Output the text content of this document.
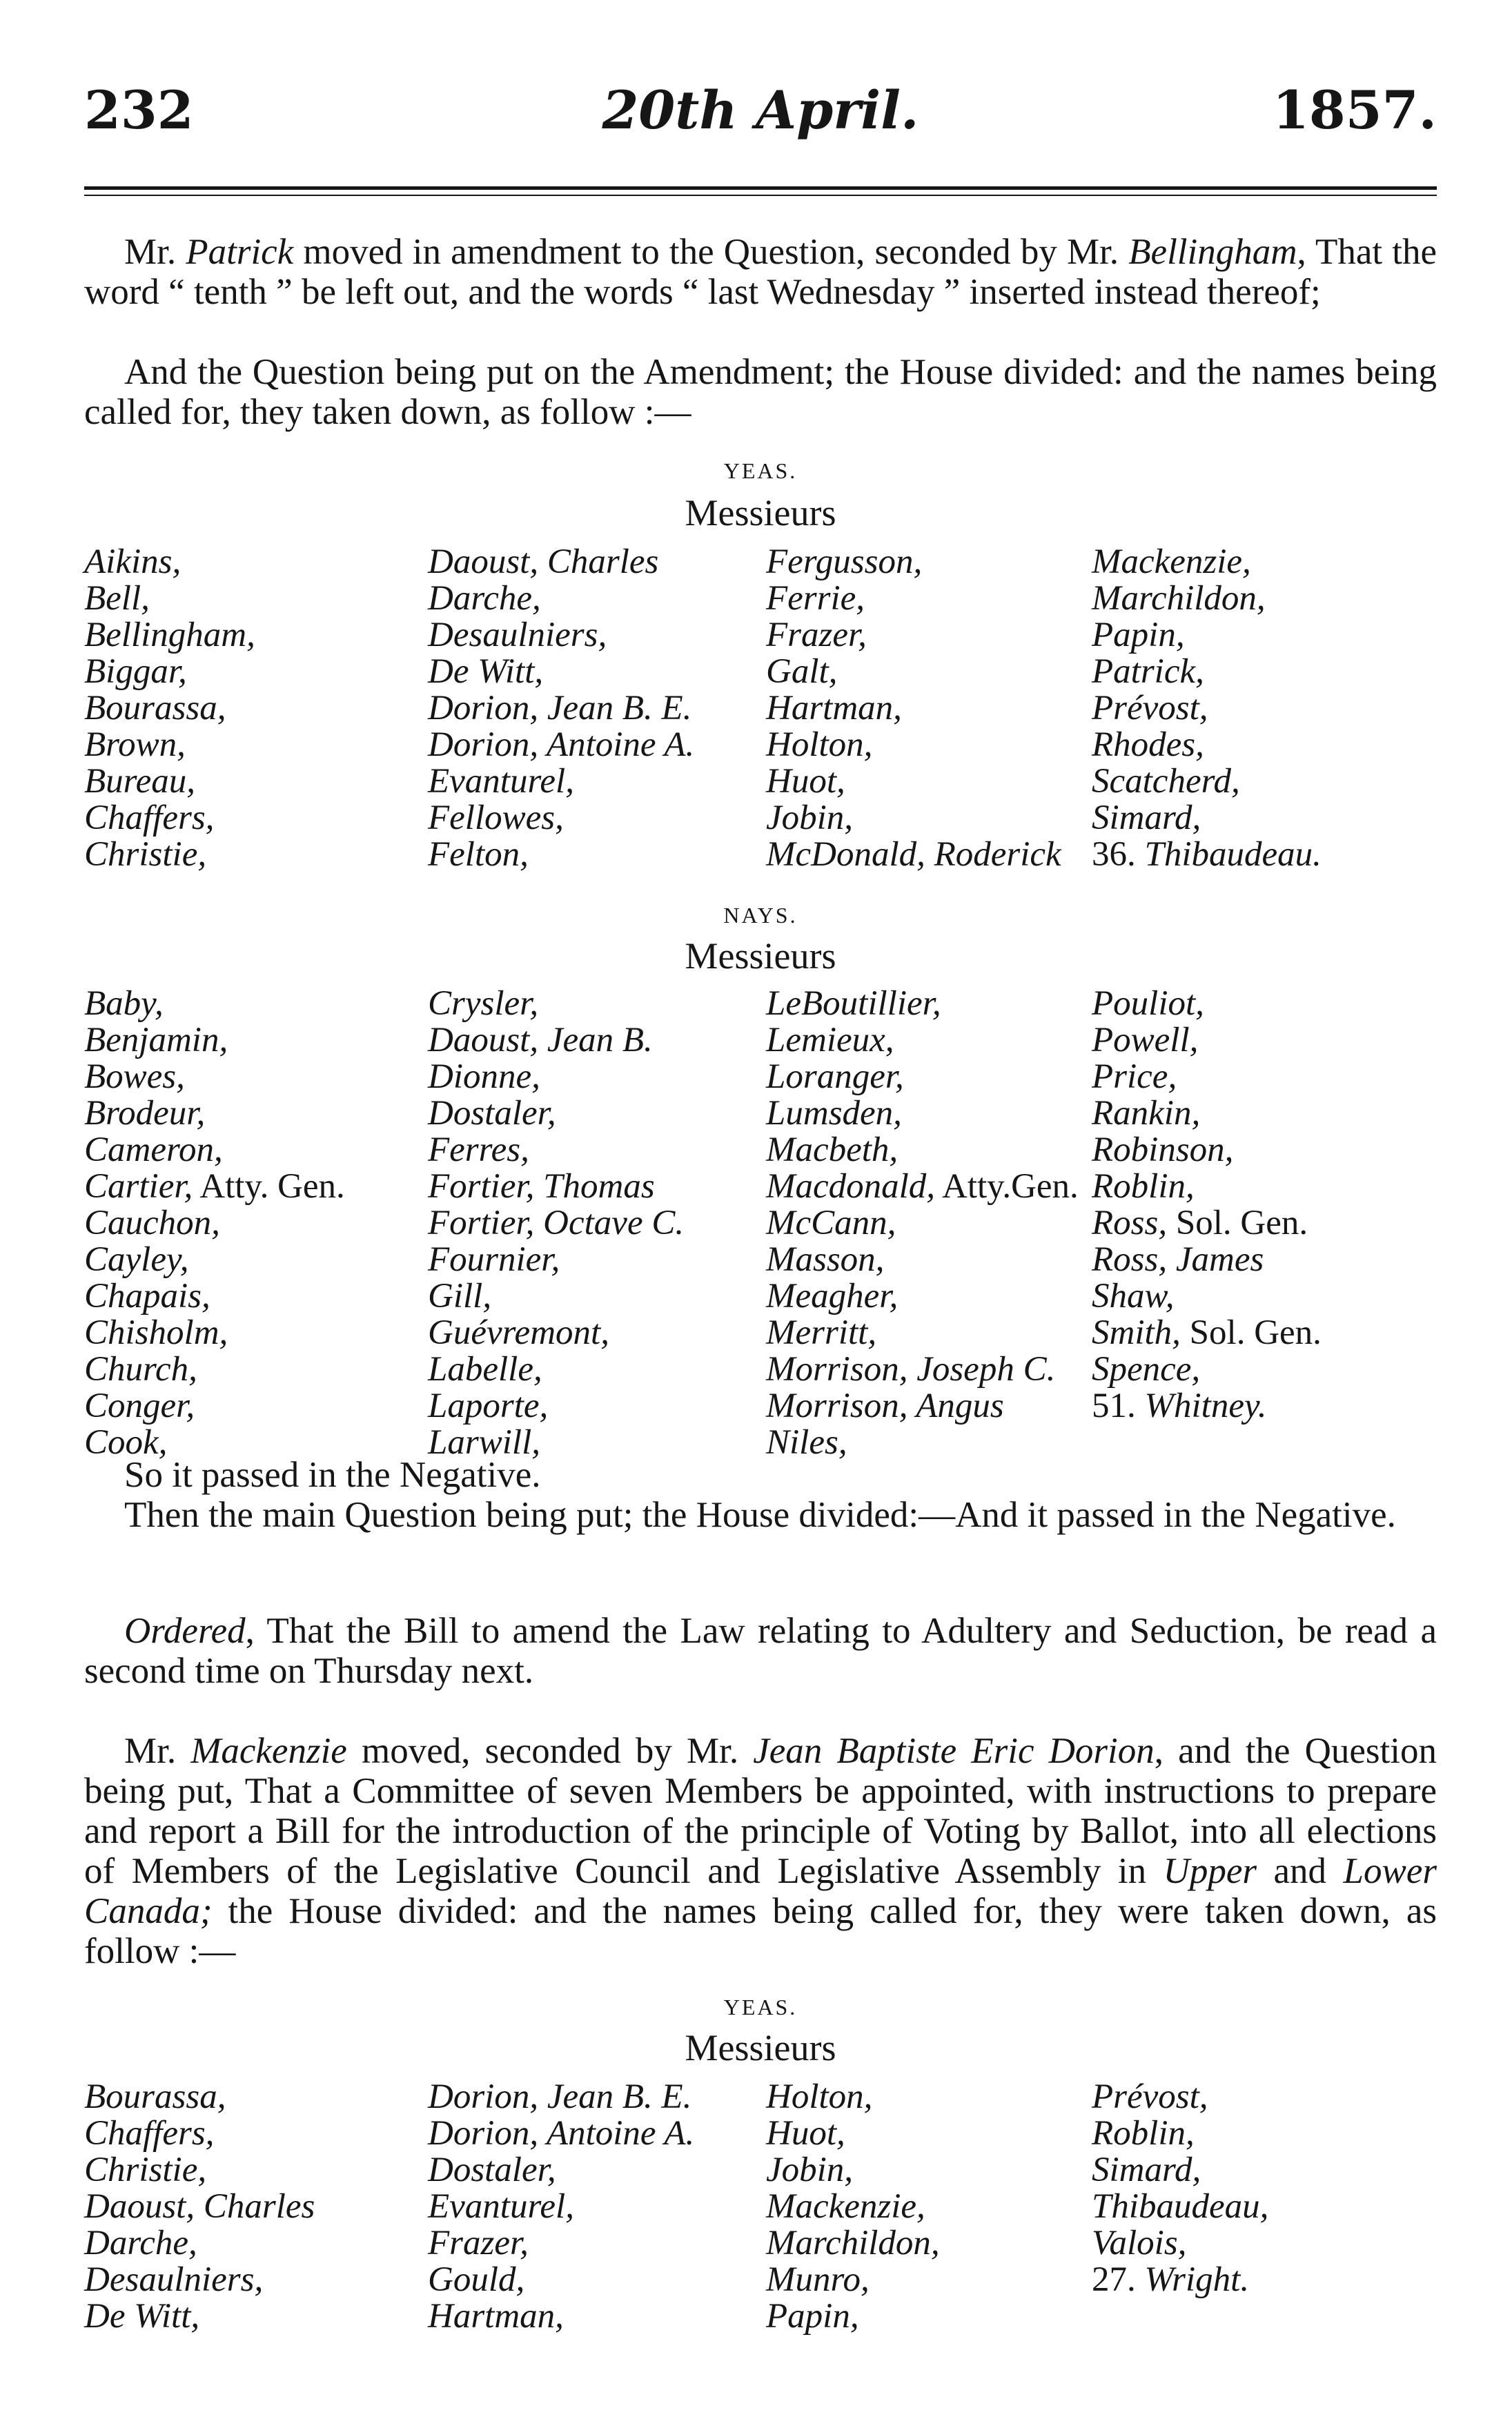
232	20th April.	1857.

Mr. Patrick moved in amendment to the Question, seconded by Mr. Bellingham, That the word “ tenth ” be left out, and the words “ last Wednesday ” inserted instead thereof;

And the Question being put on the Amendment; the House divided: and the names being called for, they taken down, as follow :—

YEAS.
Messieurs
Aikins,
Bell,
Bellingham,
Biggar,
Bourassa,
Brown,
Bureau,
Chaffers,
Christie,
Daoust, Charles
Darche,
Desaulniers,
De Witt,
Dorion, Jean B. E.
Dorion, Antoine A.
Evanturel,
Fellowes,
Felton,
Fergusson,
Ferrie,
Frazer,
Galt,
Hartman,
Holton,
Huot,
Jobin,
McDonald, Roderick
Mackenzie,
Marchildon,
Papin,
Patrick,
Prévost,
Rhodes,
Scatcherd,
Simard,
36. Thibaudeau.
NAYS.
Messieurs
Baby,
Benjamin,
Bowes,
Brodeur,
Cameron,
Cartier, Atty. Gen.
Cauchon,
Cayley,
Chapais,
Chisholm,
Church,
Conger,
Cook,
Crysler,
Daoust, Jean B.
Dionne,
Dostaler,
Ferres,
Fortier, Thomas
Fortier, Octave C.
Fournier,
Gill,
Guévremont,
Labelle,
Laporte,
Larwill,
LeBoutillier,
Lemieux,
Loranger,
Lumsden,
Macbeth,
Macdonald, Atty.Gen.
McCann,
Masson,
Meagher,
Merritt,
Morrison, Joseph C.
Morrison, Angus
Niles,
Pouliot,
Powell,
Price,
Rankin,
Robinson,
Roblin,
Ross, Sol. Gen.
Ross, James
Shaw,
Smith, Sol. Gen.
Spence,
51. Whitney.

So it passed in the Negative.

Then the main Question being put; the House divided:—And it passed in the Negative.

Ordered, That the Bill to amend the Law relating to Adultery and Seduction, be read a second time on Thursday next.

Mr. Mackenzie moved, seconded by Mr. Jean Baptiste Eric Dorion, and the Question being put, That a Committee of seven Members be appointed, with instructions to prepare and report a Bill for the introduction of the principle of Voting by Ballot, into all elections of Members of the Legislative Council and Legislative Assembly in Upper and Lower Canada; the House divided: and the names being called for, they were taken down, as follow :—

YEAS.
Messieurs
Bourassa,
Chaffers,
Christie,
Daoust, Charles
Darche,
Desaulniers,
De Witt,
Dorion, Jean B. E.
Dorion, Antoine A.
Dostaler,
Evanturel,
Frazer,
Gould,
Hartman,
Holton,
Huot,
Jobin,
Mackenzie,
Marchildon,
Munro,
Papin,
Prévost,
Roblin,
Simard,
Thibaudeau,
Valois,
27. Wright.
